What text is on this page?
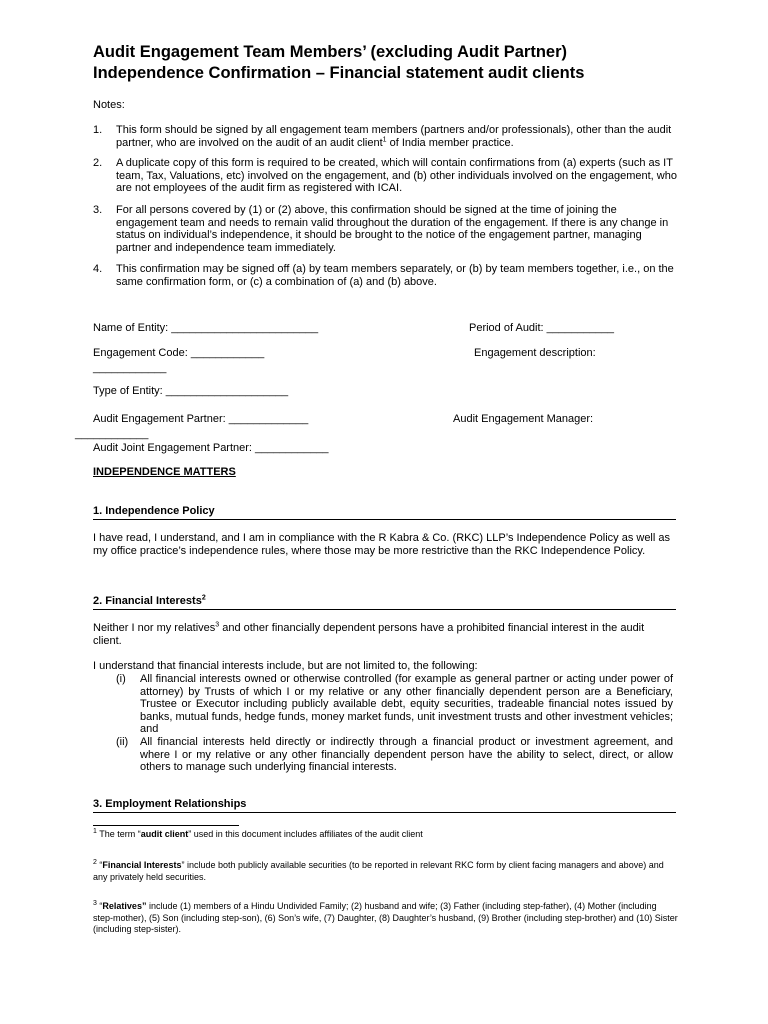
Audit Engagement Team Members’ (excluding Audit Partner)
Independence Confirmation – Financial statement audit clients
Notes:
1. This form should be signed by all engagement team members (partners and/or professionals), other than the audit partner, who are involved on the audit of an audit client$^1$ of India member practice.
2. A duplicate copy of this form is required to be created, which will contain confirmations from (a) experts (such as IT team, Tax, Valuations, etc) involved on the engagement, and (b) other individuals involved on the engagement, who are not employees of the audit firm as registered with ICAI.
3. For all persons covered by (1) or (2) above, this confirmation should be signed at the time of joining the engagement team and needs to remain valid throughout the duration of the engagement. If there is any change in status on individual’s independence, it should be brought to the notice of the engagement partner, managing partner and independence team immediately.
4. This confirmation may be signed off (a) by team members separately, or (b) by team members together, i.e., on the same confirmation form, or (c) a combination of (a) and (b) above.
Name of Entity: ________________________	Period of Audit: ___________
Engagement Code: ____________	Engagement description:
____________
Type of Entity: ____________________
Audit Engagement Partner: _____________	Audit Engagement Manager:
____________
Audit Joint Engagement Partner: ____________
INDEPENDENCE MATTERS
1. Independence Policy
I have read, I understand, and I am in compliance with the R Kabra & Co. (RKC) LLP’s Independence Policy as well as my office practice’s independence rules, where those may be more restrictive than the RKC Independence Policy.
2. Financial Interests$^2$
Neither I nor my relatives$^3$ and other financially dependent persons have a prohibited financial interest in the audit client.
I understand that financial interests include, but are not limited to, the following:
(i) All financial interests owned or otherwise controlled (for example as general partner or acting under power of attorney) by Trusts of which I or my relative or any other financially dependent person are a Beneficiary, Trustee or Executor including publicly available debt, equity securities, tradeable financial notes issued by banks, mutual funds, hedge funds, money market funds, unit investment trusts and other investment vehicles; and
(ii) All financial interests held directly or indirectly through a financial product or investment agreement, and where I or my relative or any other financially dependent person have the ability to select, direct, or allow others to manage such underlying financial interests.
3. Employment Relationships
$^1$ The term “audit client” used in this document includes affiliates of the audit client
$^2$ “Financial Interests” include both publicly available securities (to be reported in relevant RKC form by client facing managers and above) and any privately held securities.
$^3$ “Relatives” include (1) members of a Hindu Undivided Family; (2) husband and wife; (3) Father (including step-father), (4) Mother (including step-mother), (5) Son (including step-son), (6) Son’s wife, (7) Daughter, (8) Daughter’s husband, (9) Brother (including step-brother) and (10) Sister (including step-sister).
